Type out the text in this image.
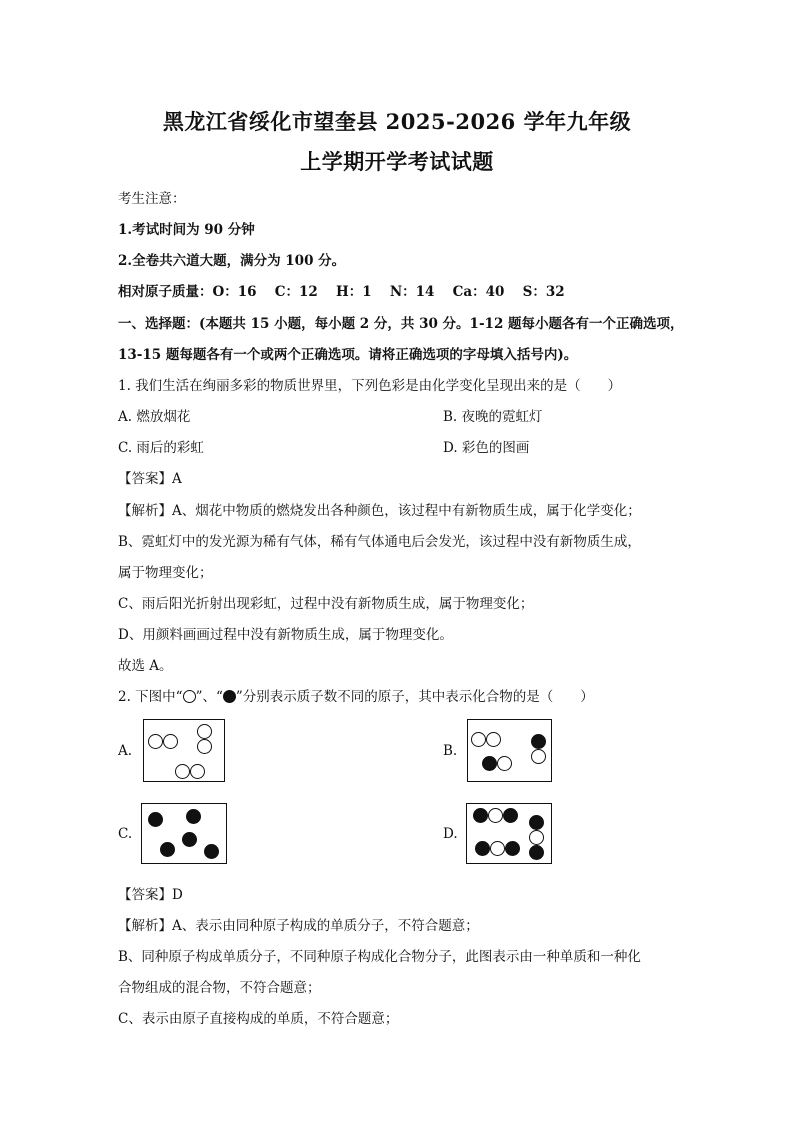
黑龙江省绥化市望奎县 2025-2026 学年九年级
上学期开学考试试题
考生注意：
1.考试时间为 90 分钟
2.全卷共六道大题，满分为 100 分。
相对原子质量：O：16　 C：12　 H：1　 N：14　 Ca：40　 S：32
一、选择题：(本题共 15 小题，每小题 2 分，共 30 分。1-12 题每小题各有一个正确选项，
13-15 题每题各有一个或两个正确选项。请将正确选项的字母填入括号内)。
1. 我们生活在绚丽多彩的物质世界里，下列色彩是由化学变化呈现出来的是（　　）
A. 燃放烟花	B. 夜晚的霓虹灯
C. 雨后的彩虹	D. 彩色的图画
【答案】A
【解析】A、烟花中物质的燃烧发出各种颜色，该过程中有新物质生成，属于化学变化；
B、霓虹灯中的发光源为稀有气体，稀有气体通电后会发光，该过程中没有新物质生成，
属于物理变化；
C、雨后阳光折射出现彩虹，过程中没有新物质生成，属于物理变化；
D、用颜料画画过程中没有新物质生成，属于物理变化。
故选 A。
2. 下图中“ ”、“ ”分别表示质子数不同的原子，其中表示化合物的是（　　）
A.	B.
C.	D.
【答案】D
【解析】A、表示由同种原子构成的单质分子，不符合题意；
B、同种原子构成单质分子，不同种原子构成化合物分子，此图表示由一种单质和一种化
合物组成的混合物，不符合题意；
C、表示由原子直接构成的单质，不符合题意；
